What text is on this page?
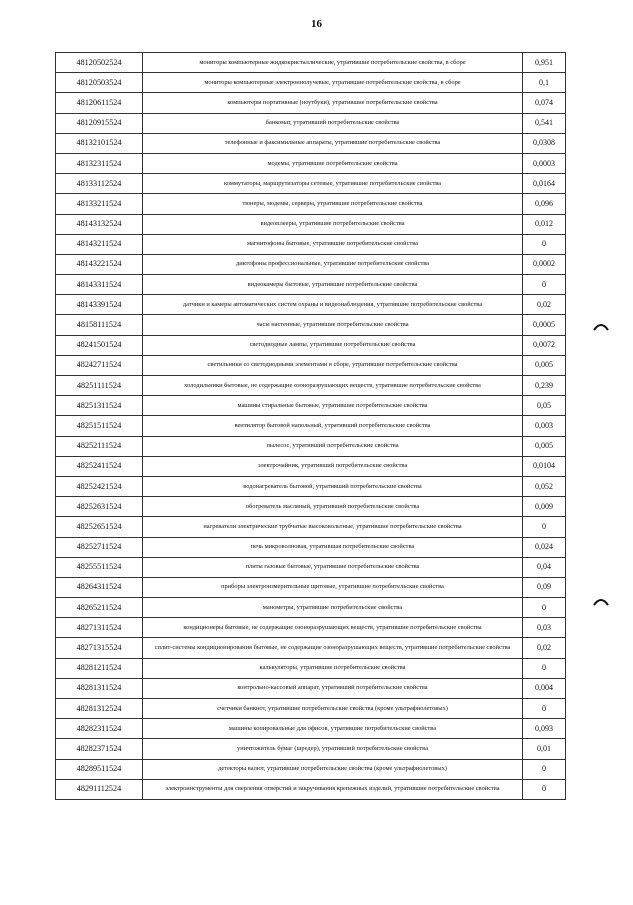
16
48120502524	мониторы компьютерные жидкокристаллические, утратившие потребительские свойства, в сборе	0,951
48120503524	мониторы компьютерные электроннолучевые, утратившие потребительские свойства, в сборе	0,1
48120611524	компьютеры портативные (ноутбуки), утратившие потребительские свойства	0,074
48120915524	банкомат, утративший потребительские свойства	0,541
48132101524	телефонные и факсимильные аппараты, утратившие потребительские свойства	0,0308
48132311524	модемы, утратившие потребительские свойства	0,0003
48133112524	коммутаторы, маршрутизаторы сетевые, утратившие потребительские свойства	0,0164
48133211524	тюнеры, модемы, серверы, утратившие потребительские свойства	0,096
48143132524	видеоплееры, утратившие потребительские свойства	0,012
48143211524	магнитофоны бытовые, утратившие потребительские свойства	0
48143221524	диктофоны профессиональные, утратившие потребительские свойства	0,0002
48143311524	видеокамеры бытовые, утратившие потребительские свойства	0
48143391524	датчики и камеры автоматических систем охраны и видеонаблюдения, утратившие потребительские свойства	0,02
48158111524	часы настенные, утратившие потребительские свойства	0,0005
48241501524	светодиодные лампы, утратившие потребительские свойства	0,0072
48242711524	светильники со светодиодными элементами в сборе, утратившие потребительские свойства	0,005
48251111524	холодильники бытовые, не содержащие озоноразрушающих веществ, утратившие потребительские свойства	0,239
48251311524	машины стиральные бытовые, утратившие потребительские свойства	0,05
48251511524	вентилятор бытовой напольный, утративший потребительские свойства	0,003
48252111524	пылесос, утративший потребительские свойства	0,005
48252411524	электрочайник, утративший потребительские свойства	0,0104
48252421524	водонагреватель бытовой, утративший потребительские свойства	0,052
48252631524	обогреватель масляный, утративший потребительские свойства	0,009
48252651524	нагреватели электрические трубчатые высоковольтные, утратившие потребительские свойства	0
48252711524	печь микроволновая, утратившая потребительские свойства	0,024
48255511524	плиты газовые бытовые, утратившие потребительские свойства	0,04
48264311524	приборы электроизмерительные щитовые, утратившие потребительские свойства	0,09
48265211524	манометры, утратившие потребительские свойства	0
48271311524	кондиционеры бытовые, не содержащие озоноразрушающих веществ, утратившие потребительские свойства	0,03
48271315524	сплит-системы кондиционирования бытовые, не содержащие озоноразрушающих веществ, утратившие потребительские свойства	0,02
48281211524	калькуляторы, утратившие потребительские свойства	0
48281311524	контрольно-кассовый аппарат, утративший потребительские свойства	0,004
48281312524	счетчики банкнот, утратившие потребительские свойства (кроме ультрафиолетовых)	0
48282311524	машины копировальные для офисов, утратившие потребительские свойства	0,093
48282371524	уничтожитель бумаг (шредер), утративший потребительские свойства	0,01
48289511524	детекторы валют, утратившие потребительские свойства (кроме ультрафиолетовых)	0
48291112524	электроинструменты для сверления отверстий и закручивания крепежных изделий, утратившие потребительские свойства	0
